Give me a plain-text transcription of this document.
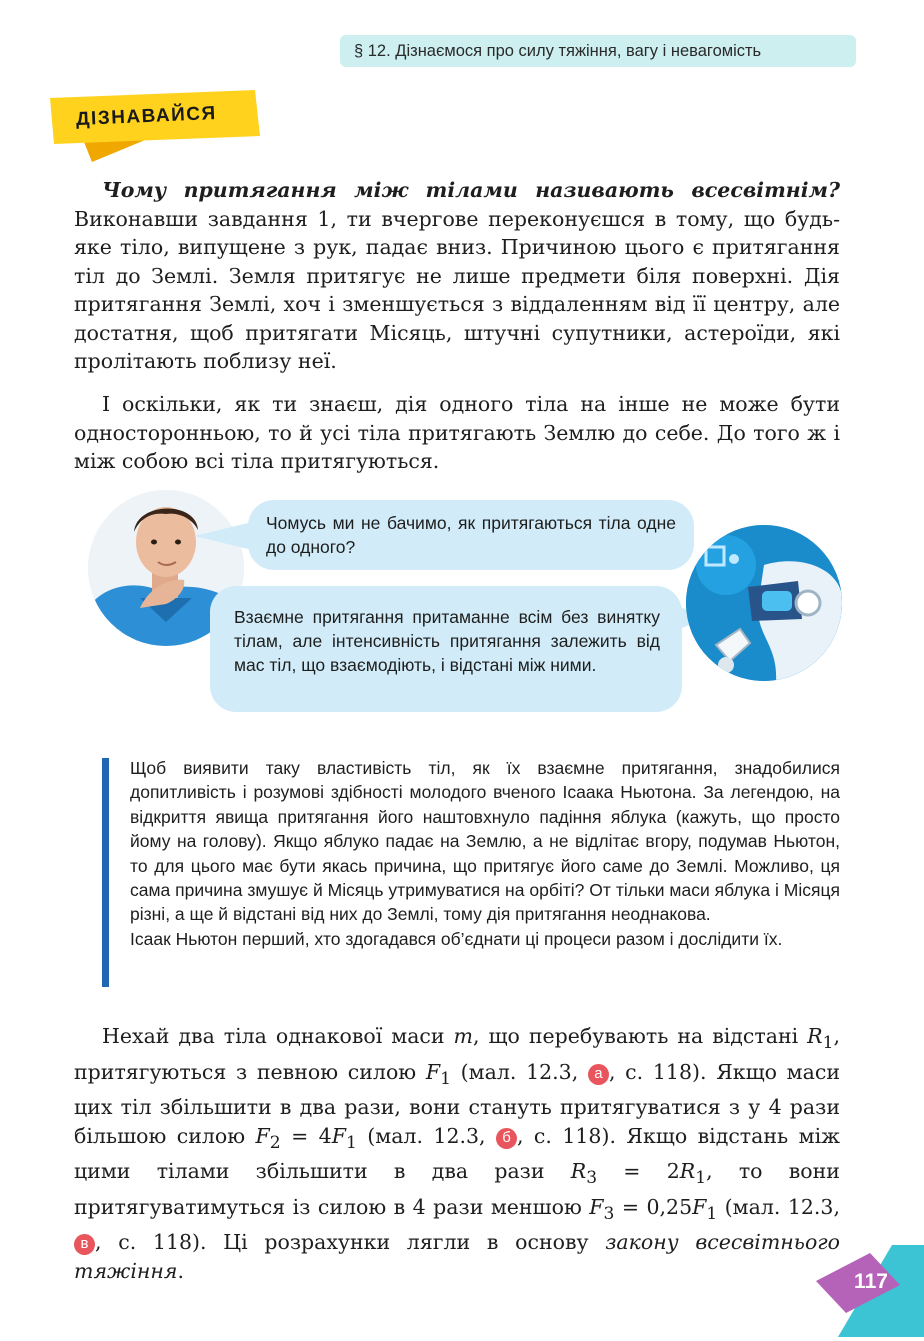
§ 12. Дізнаємося про силу тяжіння, вагу і невагомість
ДІЗНАВАЙСЯ
Чому притягання між тілами називають всесвітнім? Виконавши завдання 1, ти вчергове переконуєшся в тому, що будь-яке тіло, випущене з рук, падає вниз. Причиною цього є притягання тіл до Землі. Земля притягує не лише предмети біля поверхні. Дія притягання Землі, хоч і зменшується з віддаленням від її центру, але достатня, щоб притягати Місяць, штучні супутники, астероїди, які пролітають поблизу неї.
І оскільки, як ти знаєш, дія одного тіла на інше не може бути односторонньою, то й усі тіла притягають Землю до себе. До того ж і між собою всі тіла притягуються.
Чомусь ми не бачимо, як притягаються тіла одне до одного?
Взаємне притягання притаманне всім без винятку тілам, але інтенсивність притягання залежить від мас тіл, що взаємодіють, і відстані між ними.
Щоб виявити таку властивість тіл, як їх взаємне притягання, знадобилися допитливість і розумові здібності молодого вченого Ісаака Ньютона. За легендою, на відкриття явища притягання його наштовхнуло падіння яблука (кажуть, що просто йому на голову). Якщо яблуко падає на Землю, а не відлітає вгору, подумав Ньютон, то для цього має бути якась причина, що притягує його саме до Землі. Можливо, ця сама причина змушує й Місяць утримуватися на орбіті? От тільки маси яблука і Місяця різні, а ще й відстані від них до Землі, тому дія притягання неоднакова.
Ісаак Ньютон перший, хто здогадався об’єднати ці процеси разом і дослідити їх.
Нехай два тіла однакової маси m, що перебувають на відстані $R_1$, притягуються з певною силою $F_1$ (мал. 12.3, а , с. 118). Якщо маси цих тіл збільшити в два рази, вони стануть притягуватися з у 4 рази більшою силою $F_2 = 4F_1$ (мал. 12.3, б , с. 118). Якщо відстань між цими тілами збільшити в два рази $R_3 = 2R_1$, то вони притягуватимуться із силою в 4 рази меншою $F_3 = 0,25F_1$ (мал. 12.3, в , с. 118). Ці розрахунки лягли в основу закону всесвітнього тяжіння.	117
